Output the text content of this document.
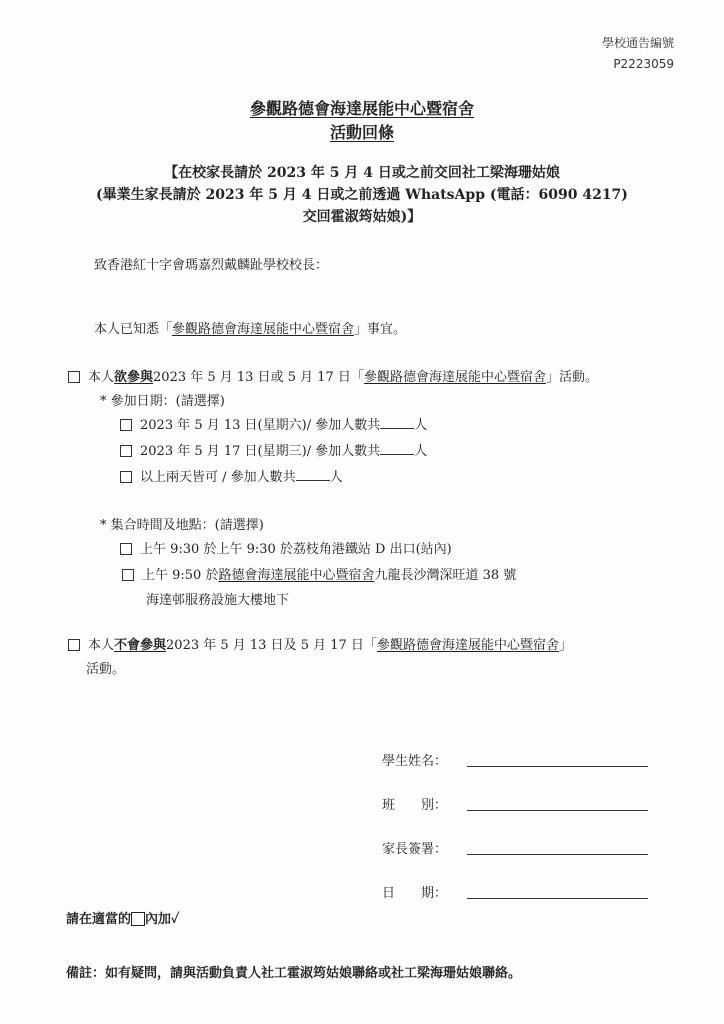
學校通告編號
P2223059
參觀路德會海達展能中心暨宿舍
活動回條
【在校家長請於 2023 年 5 月 4 日或之前交回社工梁海珊姑娘
(畢業生家長請於 2023 年 5 月 4 日或之前透過 WhatsApp (電話：6090 4217)
交回霍淑筠姑娘)】
致香港紅十字會瑪嘉烈戴麟趾學校校長：
本人已知悉「參觀路德會海達展能中心暨宿舍」事宜。
本人欲參與2023 年 5 月 13 日或 5 月 17 日「參觀路德會海達展能中心暨宿舍」活動。
* 參加日期：(請選擇)
2023 年 5 月 13 日(星期六)/ 參加人數共	人
2023 年 5 月 17 日(星期三)/ 參加人數共	人
以上兩天皆可 / 參加人數共	人
* 集合時間及地點：(請選擇)
上午 9:30 於上午 9:30 於荔枝角港鐵站 D 出口(站內)
上午 9:50 於路德會海達展能中心暨宿舍九龍長沙灣深旺道 38 號
海達邨服務設施大樓地下
本人不會參與2023 年 5 月 13 日及 5 月 17 日「參觀路德會海達展能中心暨宿舍」
活動。
學生姓名：
班　　別：
家長簽署：
日　　期：
請在適當的 內加✓
備註：如有疑問，請與活動負責人社工霍淑筠姑娘聯絡或社工梁海珊姑娘聯絡。
